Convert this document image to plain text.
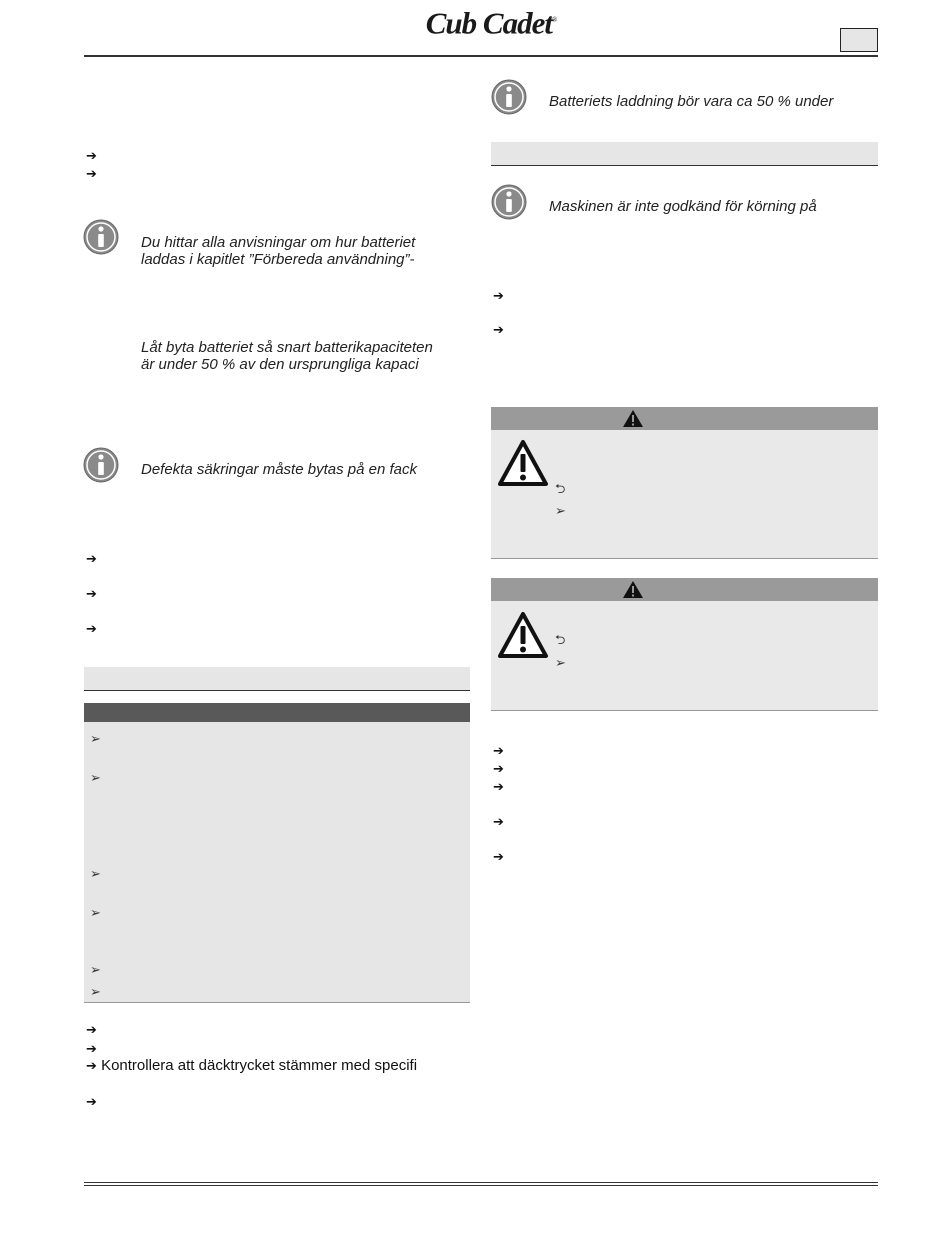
Cub Cadet®
➔
➔
Du hittar alla anvisningar om hur batteriet
laddas i kapitlet ”Förbereda användning”-
Låt byta batteriet så snart batterikapaciteten
är under 50 % av den ursprungliga kapaci
Defekta säkringar måste bytas på en fack
➔
➔
➔
➢
➢
➢
➢
➢
➢
➔
➔
➔ Kontrollera att däcktrycket stämmer med specifi
➔
Batteriets laddning bör vara ca 50 % under
Maskinen är inte godkänd för körning på
➔
➔
⮌
➢
⮌
➢
➔
➔
➔
➔
➔
